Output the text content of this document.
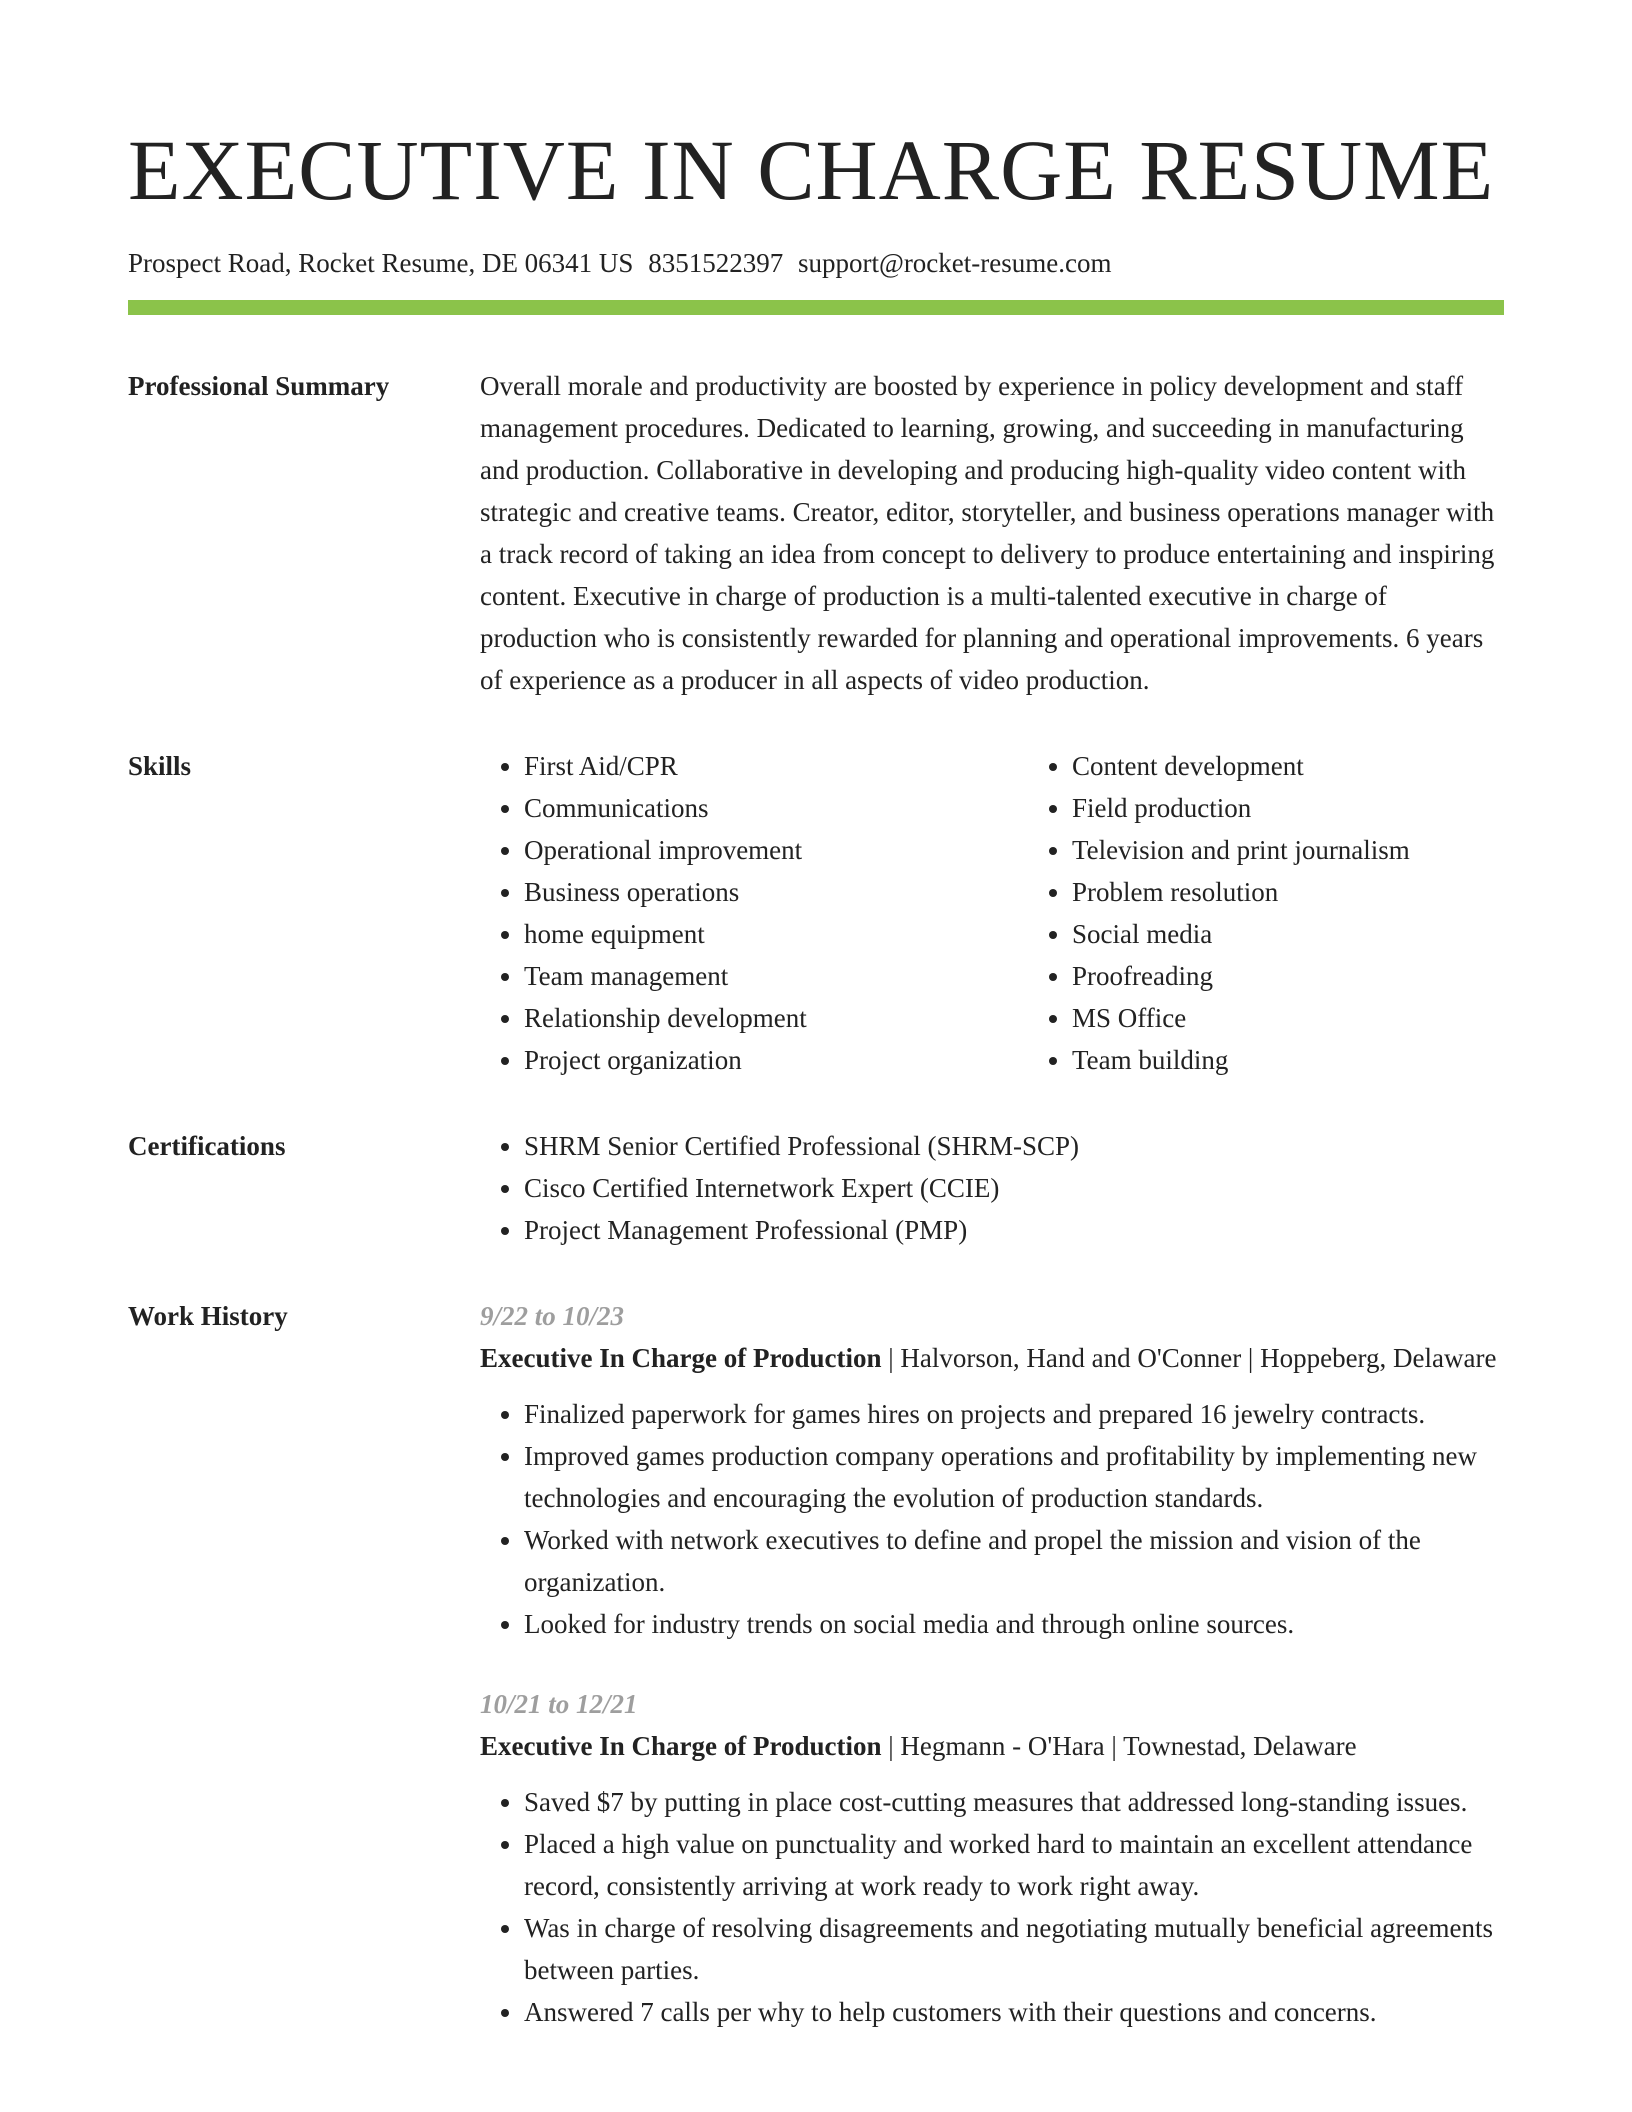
EXECUTIVE IN CHARGE RESUME
Prospect Road, Rocket Resume, DE 06341 US 8351522397 support@rocket-resume.com
Professional Summary	Overall morale and productivity are boosted by experience in policy development and staff management procedures. Dedicated to learning, growing, and succeeding in manufacturing and production. Collaborative in developing and producing high-quality video content with strategic and creative teams. Creator, editor, storyteller, and business operations manager with a track record of taking an idea from concept to delivery to produce entertaining and inspiring content. Executive in charge of production is a multi-talented executive in charge of production who is consistently rewarded for planning and operational improvements. 6 years of experience as a producer in all aspects of video production.

Skills	• First Aid/CPR
• Communications
• Operational improvement
• Business operations
• home equipment
• Team management
• Relationship development
• Project organization
• Content development
• Field production
• Television and print journalism
• Problem resolution
• Social media
• Proofreading
• MS Office
• Team building
Certifications	• SHRM Senior Certified Professional (SHRM-SCP)
• Cisco Certified Internetwork Expert (CCIE)
• Project Management Professional (PMP)
Work History	9/22 to 10/23
Executive In Charge of Production | Halvorson, Hand and O'Conner | Hoppeberg, Delaware
• Finalized paperwork for games hires on projects and prepared 16 jewelry contracts.
• Improved games production company operations and profitability by implementing new technologies and encouraging the evolution of production standards.
• Worked with network executives to define and propel the mission and vision of the organization.
• Looked for industry trends on social media and through online sources.
10/21 to 12/21
Executive In Charge of Production | Hegmann - O'Hara | Townestad, Delaware
• Saved $7 by putting in place cost-cutting measures that addressed long-standing issues.
• Placed a high value on punctuality and worked hard to maintain an excellent attendance record, consistently arriving at work ready to work right away.
• Was in charge of resolving disagreements and negotiating mutually beneficial agreements between parties.
• Answered 7 calls per why to help customers with their questions and concerns.
